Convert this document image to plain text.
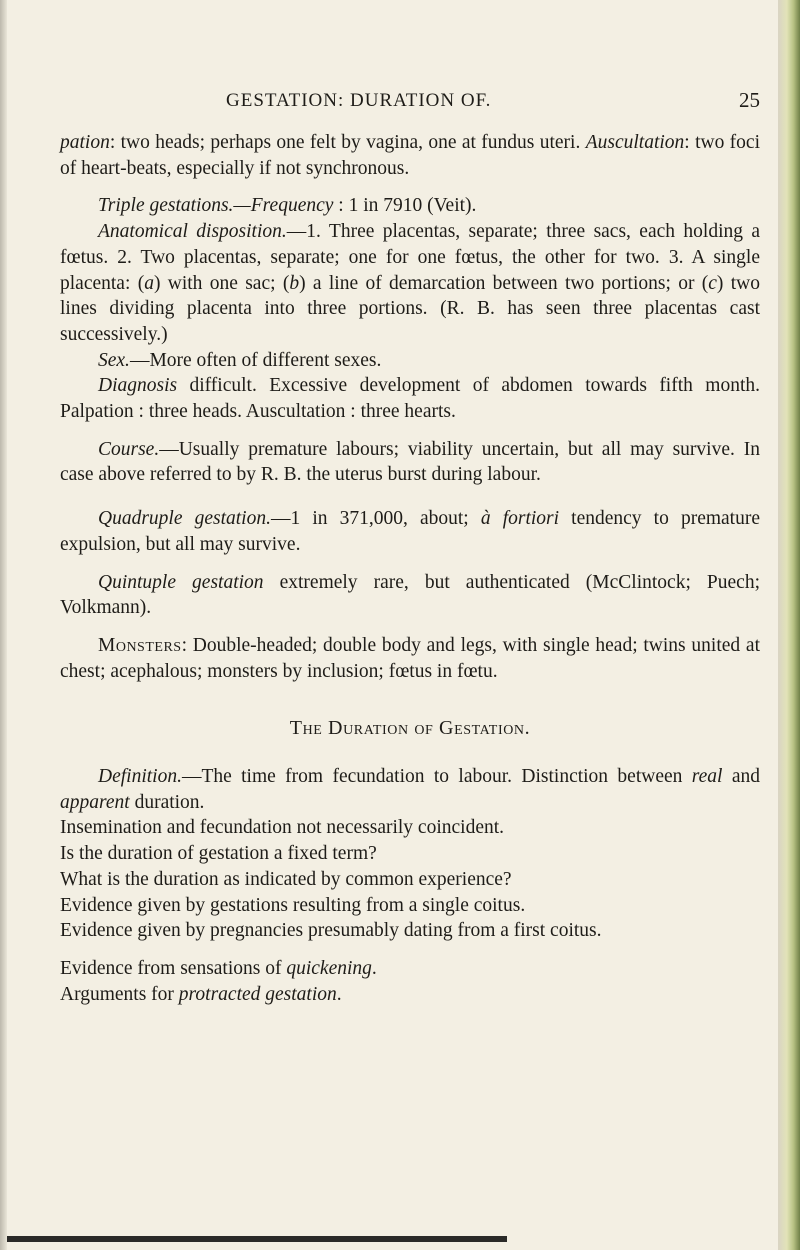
GESTATION: DURATION OF.	25

pation: two heads; perhaps one felt by vagina, one at fundus uteri. Auscultation: two foci of heart-beats, especially if not synchronous.

Triple gestations.—Frequency : 1 in 7910 (Veit).

Anatomical disposition.—1. Three placentas, separate; three sacs, each holding a fœtus. 2. Two placentas, separate; one for one fœtus, the other for two. 3. A single placenta: (a) with one sac; (b) a line of demarcation between two portions; or (c) two lines dividing placenta into three portions. (R. B. has seen three placentas cast successively.)

Sex.—More often of different sexes.

Diagnosis difficult. Excessive development of abdomen towards fifth month. Palpation : three heads. Auscultation : three hearts.

Course.—Usually premature labours; viability uncertain, but all may survive. In case above referred to by R. B. the uterus burst during labour.

Quadruple gestation.—1 in 371,000, about; à fortiori tendency to premature expulsion, but all may survive.

Quintuple gestation extremely rare, but authenticated (McClintock; Puech; Volkmann).

Monsters: Double-headed; double body and legs, with single head; twins united at chest; acephalous; monsters by inclusion; fœtus in fœtu.

The Duration of Gestation.

Definition.—The time from fecundation to labour. Distinction between real and apparent duration.

Insemination and fecundation not necessarily coincident.

Is the duration of gestation a fixed term?

What is the duration as indicated by common experience?

Evidence given by gestations resulting from a single coitus.

Evidence given by pregnancies presumably dating from a first coitus.

Evidence from sensations of quickening.

Arguments for protracted gestation.
